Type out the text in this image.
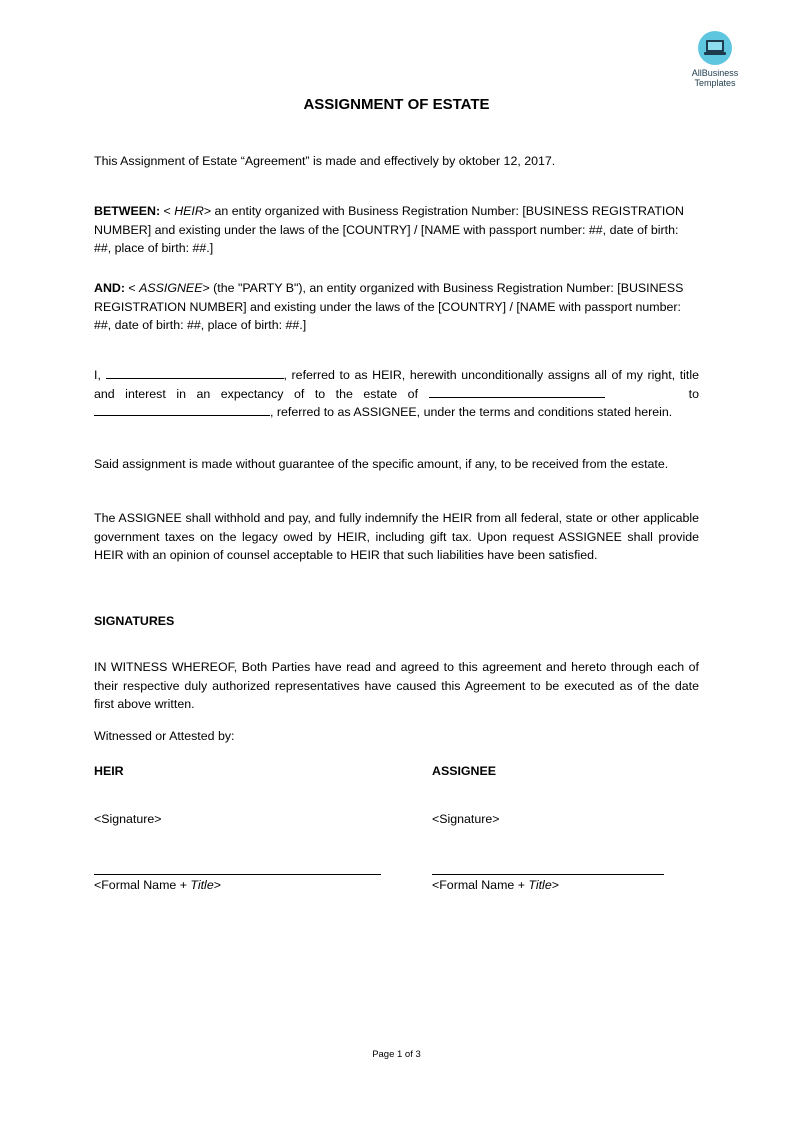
AllBusiness
Templates
ASSIGNMENT OF ESTATE
This Assignment of Estate “Agreement” is made and effectively by oktober 12, 2017.
BETWEEN: < HEIR> an entity organized with Business Registration Number: [BUSINESS REGISTRATION NUMBER] and existing under the laws of the [COUNTRY] / [NAME with passport number: ##, date of birth: ##, place of birth: ##.]
AND: < ASSIGNEE> (the "PARTY B"), an entity organized with Business Registration Number: [BUSINESS REGISTRATION NUMBER] and existing under the laws of the [COUNTRY] / [NAME with passport number: ##, date of birth: ##, place of birth: ##.]
I,	, referred to as HEIR, herewith unconditionally assigns all of my right, title and interest in an expectancy of to the estate of	to , referred to as ASSIGNEE, under the terms and conditions stated herein.
Said assignment is made without guarantee of the specific amount, if any, to be received from the estate.
The ASSIGNEE shall withhold and pay, and fully indemnify the HEIR from all federal, state or other applicable government taxes on the legacy owed by HEIR, including gift tax. Upon request ASSIGNEE shall provide HEIR with an opinion of counsel acceptable to HEIR that such liabilities have been satisfied.
SIGNATURES
IN WITNESS WHEREOF, Both Parties have read and agreed to this agreement and hereto through each of their respective duly authorized representatives have caused this Agreement to be executed as of the date first above written.
Witnessed or Attested by:
HEIR
<Signature>
<Formal Name + Title>
ASSIGNEE
<Signature>
<Formal Name + Title>
Page 1 of 3
